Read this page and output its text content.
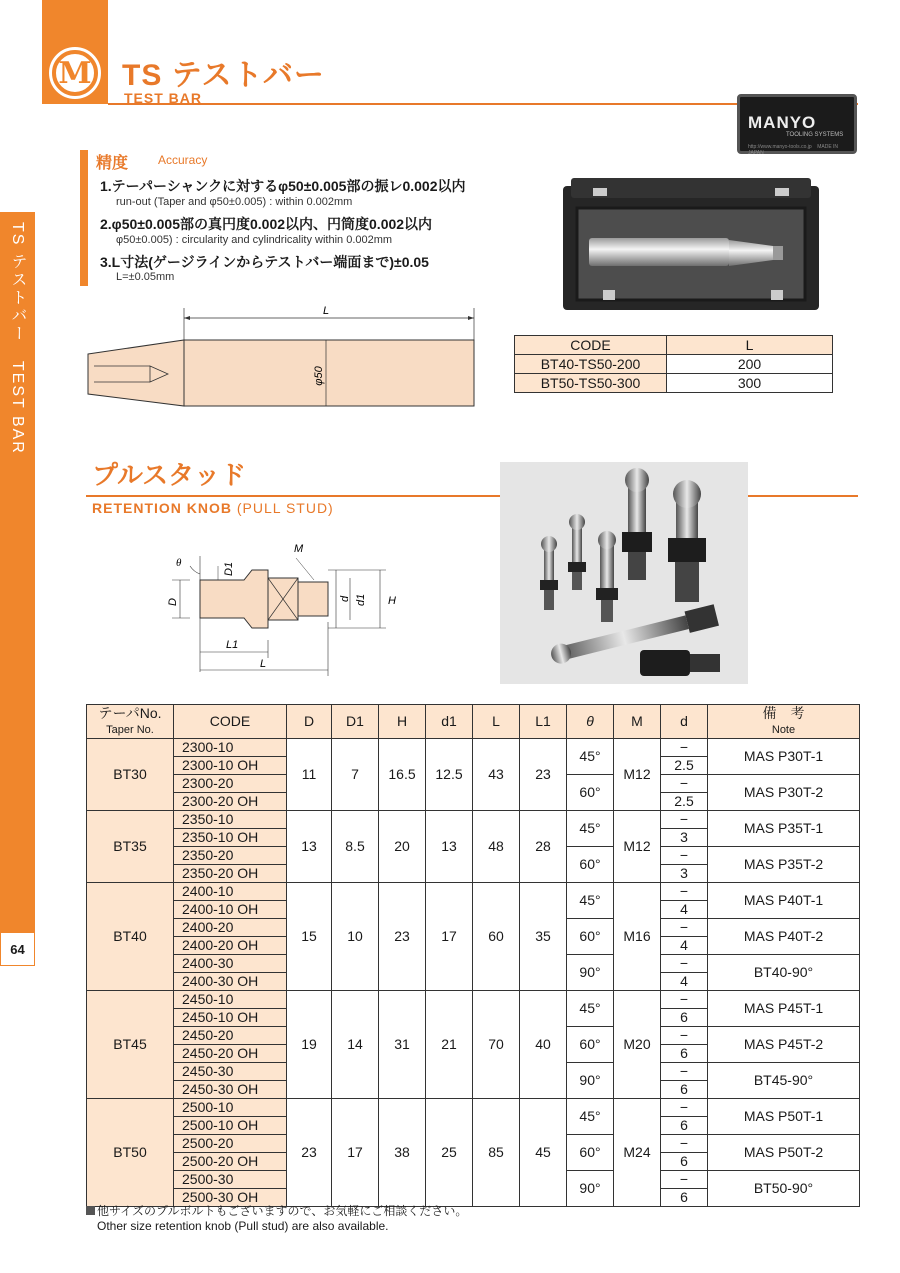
M TS テストバー
TEST BAR
MANYO
TOOLING SYSTEMS
http://www.manyo-tools.co.jp MADE IN JAPAN
TS テストバー　TEST BAR
64
精度 Accuracy
1.テーパーシャンクに対するφ50±0.005部の振レ0.002以内
run-out (Taper and φ50±0.005) : within 0.002mm
2.φ50±0.005部の真円度0.002以内、円筒度0.002以内
φ50±0.005) : circularity and cylindricality within 0.002mm
3.L寸法(ゲージラインからテストバー端面まで)±0.05
L=±0.05mm
L
φ50
CODE	L
BT40-TS50-200	200
BT50-TS50-300	300
プルスタッド
RETENTION KNOB (PULL STUD)
θ
M
D1
D	d d1 H
L1
L
テーパNo.
Taper No.	CODE	D	D1	H	d1	L	L1	θ	M	d	備　考
Note
BT30	2300-10	11	7	16.5	12.5	43	23	45°	M12	−	MAS P30T-1
	2300-10 OH									2.5	
	2300-20							60°		−	MAS P30T-2
	2300-20 OH									2.5	
BT35	2350-10	13	8.5	20	13	48	28	45°	M12	−	MAS P35T-1
	2350-10 OH									3	
	2350-20							60°		−	MAS P35T-2
	2350-20 OH									3	
BT40	2400-10	15	10	23	17	60	35	45°	M16	−	MAS P40T-1
	2400-10 OH									4	
	2400-20							60°		−	MAS P40T-2
	2400-20 OH									4	
	2400-30							90°		−	BT40-90°
	2400-30 OH									4	
BT45	2450-10	19	14	31	21	70	40	45°	M20	−	MAS P45T-1
	2450-10 OH									6	
	2450-20							60°		−	MAS P45T-2
	2450-20 OH									6	
	2450-30							90°		−	BT45-90°
	2450-30 OH									6	
BT50	2500-10	23	17	38	25	85	45	45°	M24	−	MAS P50T-1
	2500-10 OH									6	
	2500-20							60°		−	MAS P50T-2
	2500-20 OH									6	
	2500-30							90°		−	BT50-90°
	2500-30 OH									6	
他サイズのプルボルトもございますので、お気軽にご相談ください。
Other size retention knob (Pull stud) are also available.
